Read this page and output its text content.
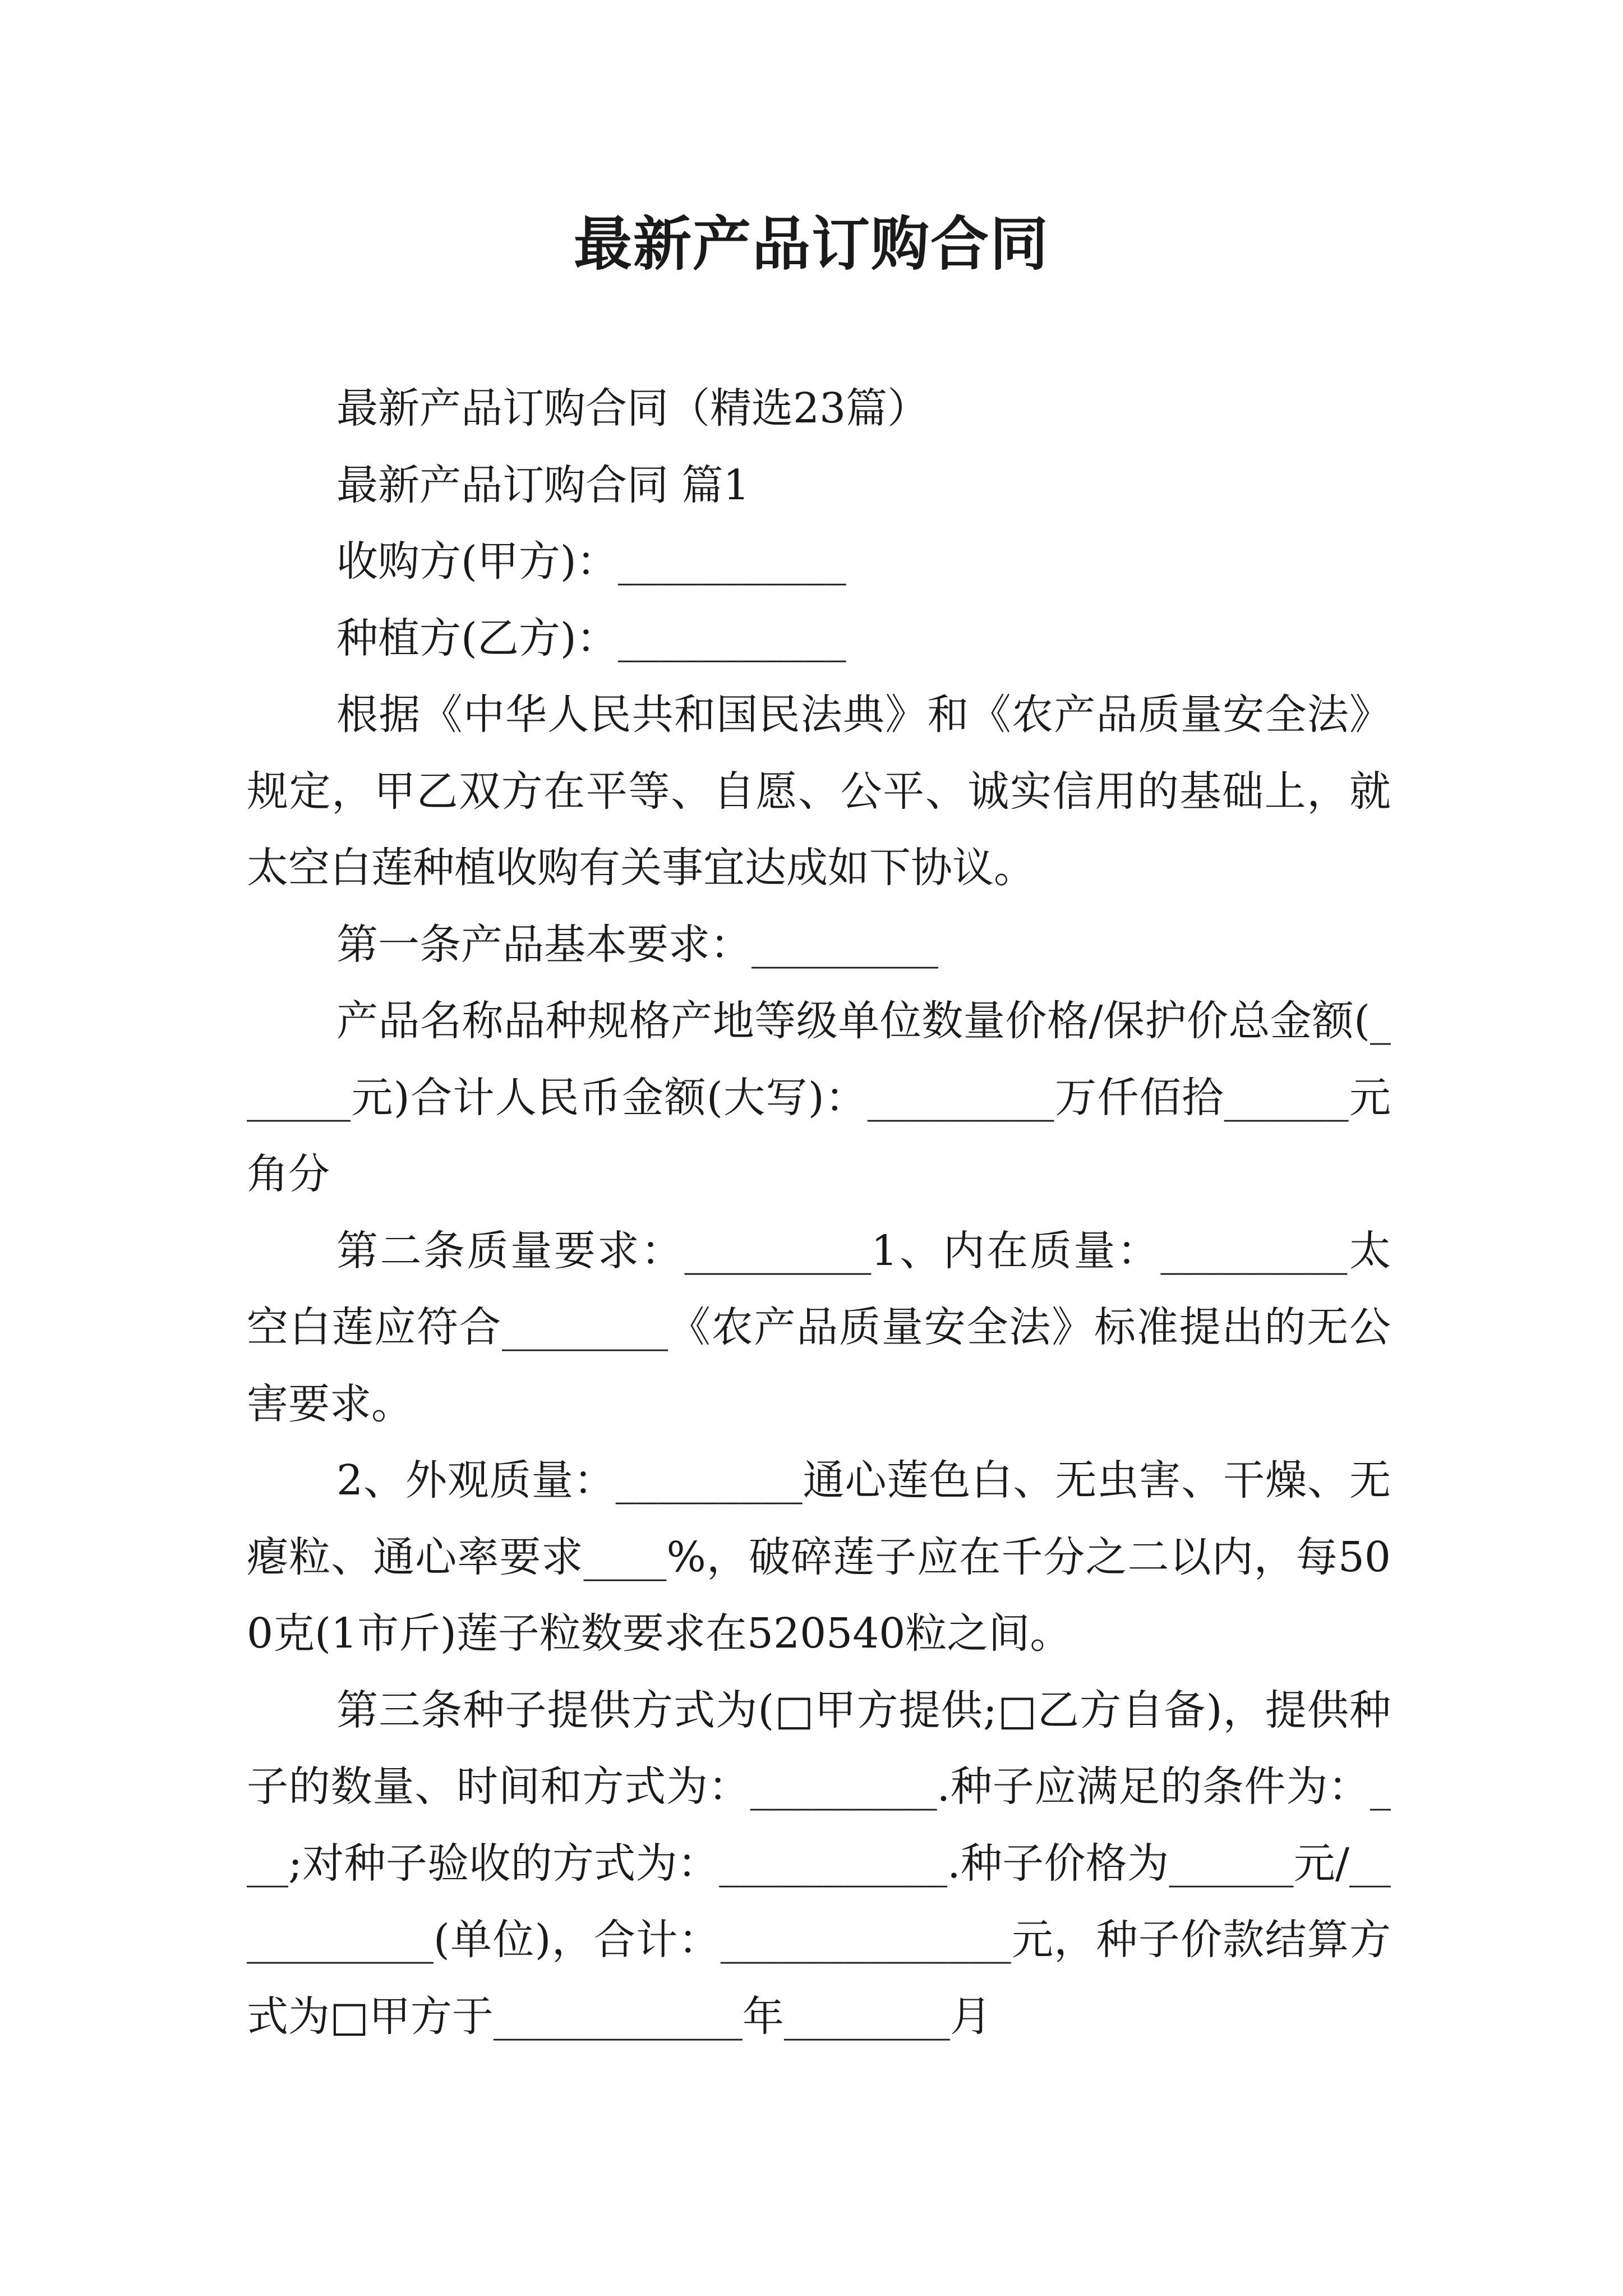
最新产品订购合同

最新产品订购合同（精选23篇）

最新产品订购合同 篇1

收购方(甲方)：___________

种植方(乙方)：___________

根据《中华人民共和国民法典》和《农产品质量安全法》规定，甲乙双方在平等、自愿、公平、诚实信用的基础上，就太空白莲种植收购有关事宜达成如下协议。

第一条产品基本要求：_________

产品名称品种规格产地等级单位数量价格/保护价总金额(______元)合计人民币金额(大写)：_________万仟佰拾______元角分

第二条质量要求：_________1、内在质量：_________太空白莲应符合________《农产品质量安全法》标准提出的无公害要求。

2、外观质量：_________通心莲色白、无虫害、干燥、无瘪粒、通心率要求____%，破碎莲子应在千分之二以内，每500克(1市斤)莲子粒数要求在520540粒之间。

第三条种子提供方式为(□甲方提供;□乙方自备)，提供种子的数量、时间和方式为：_________.种子应满足的条件为：___;对种子验收的方式为：___________.种子价格为______元/___________(单位)，合计：______________元，种子价款结算方式为□甲方于____________年________月
